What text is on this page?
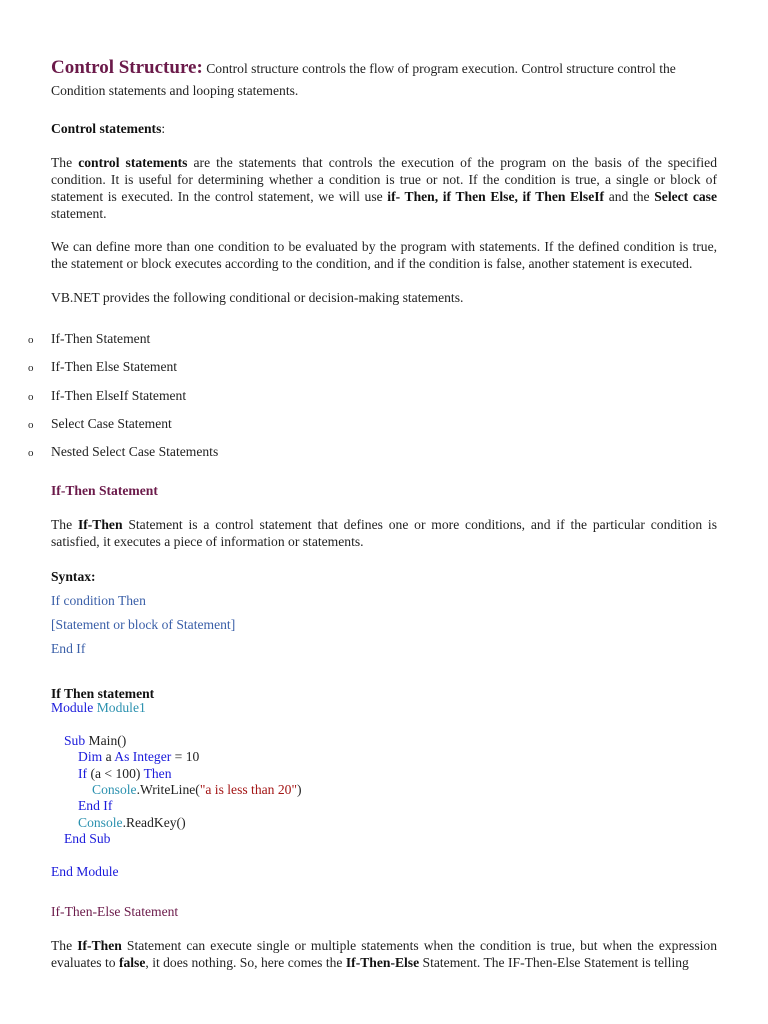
Control Structure: Control structure controls the flow of program execution. Control structure control the
Condition statements and looping statements.
Control statements:
The control statements are the statements that controls the execution of the program on the basis of the specified condition. It is useful for determining whether a condition is true or not. If the condition is true, a single or block of statement is executed. In the control statement, we will use if- Then, if Then Else, if Then ElseIf and the Select case statement.
We can define more than one condition to be evaluated by the program with statements. If the defined condition is true, the statement or block executes according to the condition, and if the condition is false, another statement is executed.
VB.NET provides the following conditional or decision-making statements.
o If-Then Statement
o If-Then Else Statement
o If-Then ElseIf Statement
o Select Case Statement
o Nested Select Case Statements
If-Then Statement
The If-Then Statement is a control statement that defines one or more conditions, and if the particular condition is satisfied, it executes a piece of information or statements.
Syntax:
If condition Then
[Statement or block of Statement]
End If
If Then statement
Module Module1
Sub Main()
Dim a As Integer = 10
If (a < 100) Then
Console.WriteLine("a is less than 20")
End If
Console.ReadKey()
End Sub
End Module
If-Then-Else Statement
The If-Then Statement can execute single or multiple statements when the condition is true, but when the expression evaluates to false, it does nothing. So, here comes the If-Then-Else Statement. The IF-Then-Else Statement is telling
